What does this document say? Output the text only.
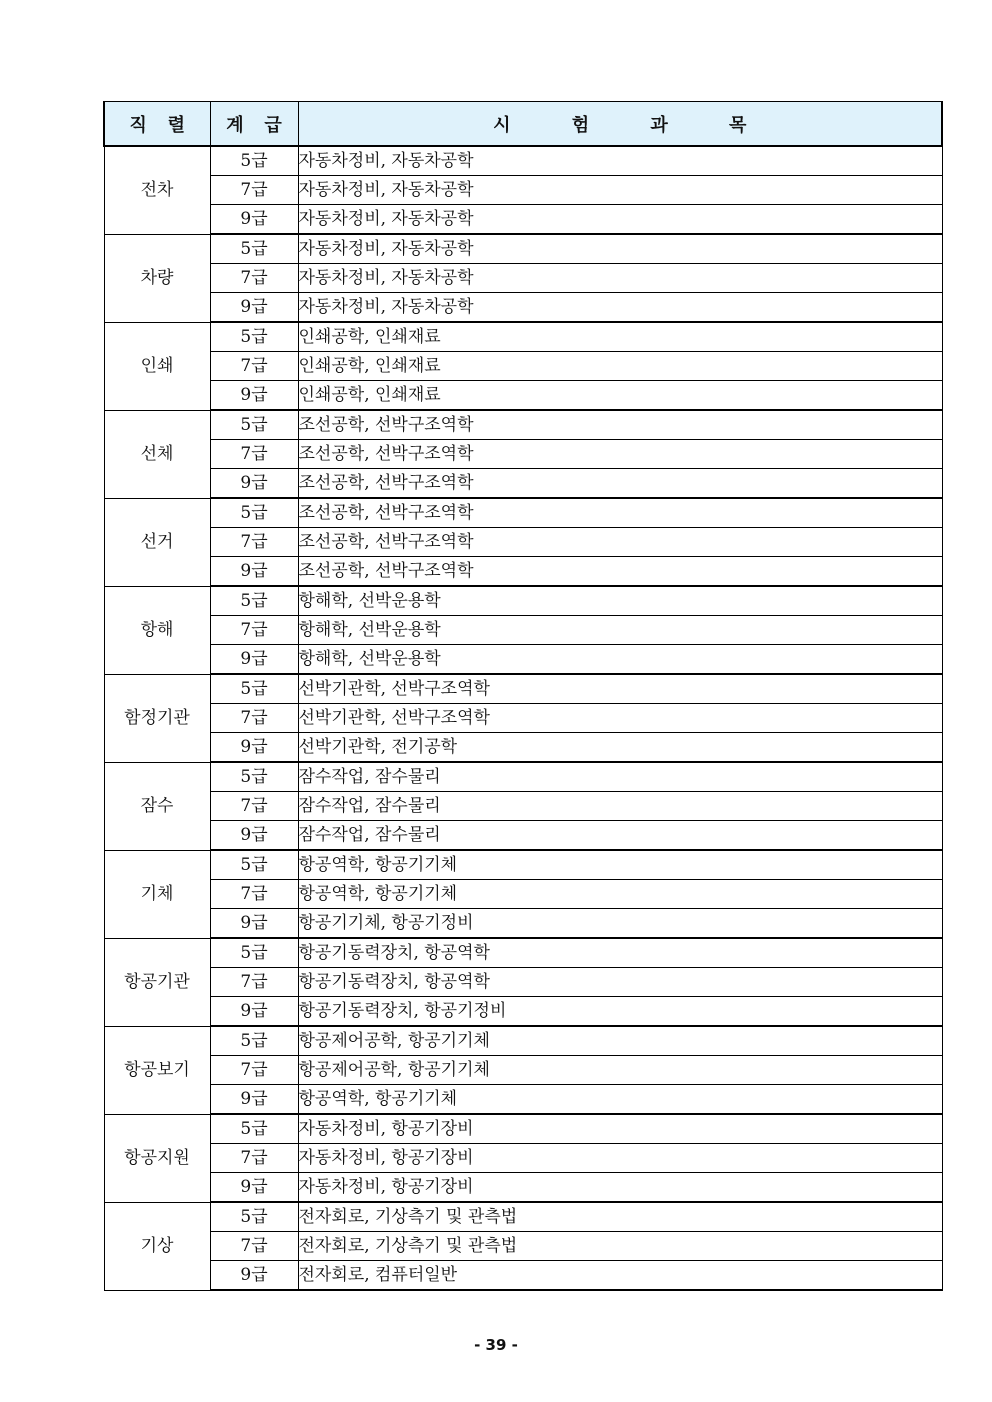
직 렬	계 급	시 험 과 목
전차	5급	자동차정비, 자동차공학
	7급	자동차정비, 자동차공학
	9급	자동차정비, 자동차공학
차량	5급	자동차정비, 자동차공학
	7급	자동차정비, 자동차공학
	9급	자동차정비, 자동차공학
인쇄	5급	인쇄공학, 인쇄재료
	7급	인쇄공학, 인쇄재료
	9급	인쇄공학, 인쇄재료
선체	5급	조선공학, 선박구조역학
	7급	조선공학, 선박구조역학
	9급	조선공학, 선박구조역학
선거	5급	조선공학, 선박구조역학
	7급	조선공학, 선박구조역학
	9급	조선공학, 선박구조역학
항해	5급	항해학, 선박운용학
	7급	항해학, 선박운용학
	9급	항해학, 선박운용학
함정기관	5급	선박기관학, 선박구조역학
	7급	선박기관학, 선박구조역학
	9급	선박기관학, 전기공학
잠수	5급	잠수작업, 잠수물리
	7급	잠수작업, 잠수물리
	9급	잠수작업, 잠수물리
기체	5급	항공역학, 항공기기체
	7급	항공역학, 항공기기체
	9급	항공기기체, 항공기정비
항공기관	5급	항공기동력장치, 항공역학
	7급	항공기동력장치, 항공역학
	9급	항공기동력장치, 항공기정비
항공보기	5급	항공제어공학, 항공기기체
	7급	항공제어공학, 항공기기체
	9급	항공역학, 항공기기체
항공지원	5급	자동차정비, 항공기장비
	7급	자동차정비, 항공기장비
	9급	자동차정비, 항공기장비
기상	5급	전자회로, 기상측기 및 관측법
	7급	전자회로, 기상측기 및 관측법
	9급	전자회로, 컴퓨터일반
- 39 -
